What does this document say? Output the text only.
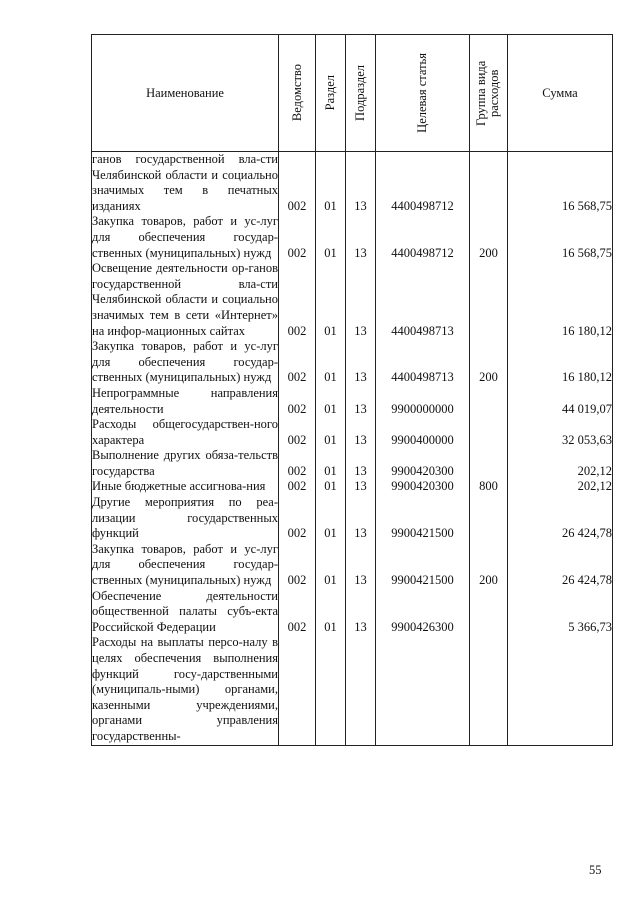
Наименование	Ведомство	Раздел	Подраздел	Целевая статья	Группа вида расходов	Сумма
ганов государственной вла-сти Челябинской области и социально значимых тем в печатных изданиях	002	01	13	4400498712		16 568,75
Закупка товаров, работ и ус-луг для обеспечения государ-ственных (муниципальных) нужд	002	01	13	4400498712	200	16 568,75
Освещение деятельности ор-ганов государственной вла-сти Челябинской области и социально значимых тем в сети «Интернет» на инфор-мационных сайтах	002	01	13	4400498713		16 180,12
Закупка товаров, работ и ус-луг для обеспечения государ-ственных (муниципальных) нужд	002	01	13	4400498713	200	16 180,12
Непрограммные направления деятельности	002	01	13	9900000000		44 019,07
Расходы общегосударствен-ного характера	002	01	13	9900400000		32 053,63
Выполнение других обяза-тельств государства	002	01	13	9900420300		202,12
Иные бюджетные ассигнова-ния	002	01	13	9900420300	800	202,12
Другие мероприятия по реа-лизации государственных функций	002	01	13	9900421500		26 424,78
Закупка товаров, работ и ус-луг для обеспечения государ-ственных (муниципальных) нужд	002	01	13	9900421500	200	26 424,78
Обеспечение деятельности общественной палаты субъ-екта Российской Федерации	002	01	13	9900426300		5 366,73
Расходы на выплаты персо-налу в целях обеспечения выполнения функций госу-дарственными (муниципаль-ными) органами, казенными учреждениями, органами управления государственны-						
55
